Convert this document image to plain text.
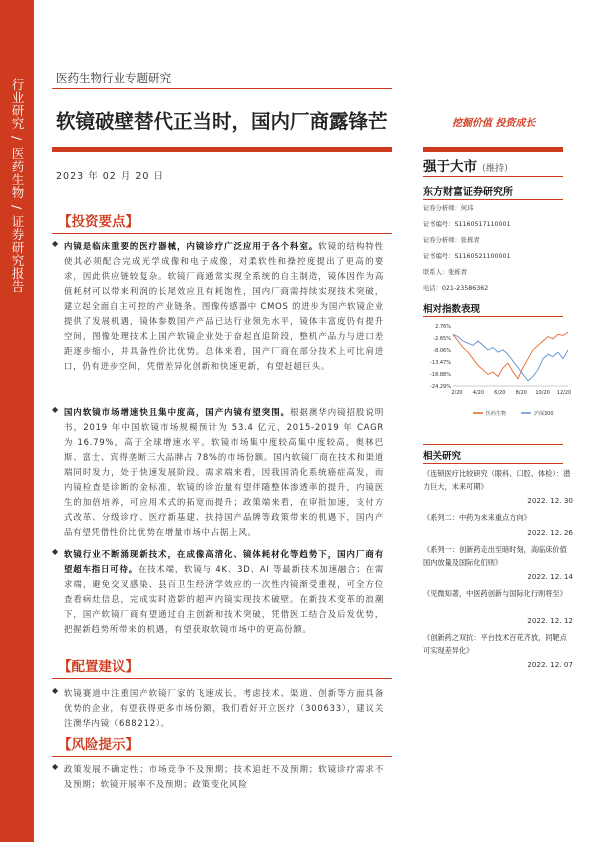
行业研究
/
医药生物
/
证券研究报告
医药生物行业专题研究
软镜破壁替代正当时，国内厂商露锋芒	挖掘价值 投资成长
2023 年 02 月 20 日
【投资要点】
◆ 内镜是临床重要的医疗器械，内镜诊疗广泛应用于各个科室。软镜的结构特性使其必须配合完成光学成像和电子成像，对柔软性和操控度提出了更高的要求，因此供应链较复杂。软镜厂商通常实现全系统的自主制造，镜体因作为高值耗材可以带来利润的长尾效应且有耗饱性，国内厂商需持续实现技术突破，建立起全面自主可控的产业链条。图像传感器中 CMOS 的进步为国产软镜企业提供了发展机遇，镜体参数国产产品已达行业领先水平，镜体丰富度仍有提升空间，图像处理技术上国产软镜企业处于奋起直追阶段，整机产品力与进口差距逐步缩小，并具备性价比优势。总体来看，国产厂商在部分技术上可比肩进口，仍有进步空间，凭借差异化创新和快速更新，有望赶超巨头。
◆ 国内软镜市场增速快且集中度高，国产内镜有望突围。根据澳华内镜招股说明书，2019 年中国软镜市场规模预计为 53.4 亿元，2015-2019 年 CAGR 为 16.79%，高于全球增速水平。软镜市场集中度较高集中度较高，奥林巴斯、富士、宾得垄断三大品牌占 78%的市场份额。国内软镜厂商在技术和渠道端同时发力，处于快速发展阶段。需求端来看，因我国消化系统癌症高发，而内镜检查是诊断的金标准，软镜的诊治量有望伴随整体渗透率的提升，内镜医生的加倍培养，可应用术式的拓宽而提升；政策端来看，在审批加速，支付方式改革、分级诊疗、医疗新基建、扶持国产品牌等政策带来的机遇下，国内产品有望凭借性价比优势在增量市场中占据上风。
◆ 软镜行业不断涌现新技术，在成像高清化、镜体耗材化等趋势下，国内厂商有望超车指日可待。在技术端，软镜与 4K、3D、AI 等最新技术加速融合；在需求端，避免交叉感染、县百卫生经济学效应的一次性内镜渐受重视，可全方位查看病灶信息，完成实时造影的超声内镜实现技术破壁。在新技术变革的浪潮下，国产软镜厂商有望通过自主创新和技术突破，凭借医工结合及后发优势，把握新趋势所带来的机遇，有望获取软镜市场中的更高份额。
【配置建议】
◆ 软镜赛道中注重国产软镜厂家的飞速成长，考虑技术、渠道、创新等方面具备优势的企业，有望获得更多市场份额，我们看好开立医疗（300633），建议关注澳华内镜（688212）。
【风险提示】
◆ 政策发展不确定性；市场竞争不及预期；技术追赶不及预期；软镜诊疗需求不及预期；软镜开展率不及预期；政策变化风险
强于大市（维持）
东方财富证券研究所
证券分析师：何玮
证书编号：S1160517110001
证券分析师：张栋青
证书编号：S1160521100001
联系人：张栋青
电话：021-23586362
相对指数表现
2.76%
-2.65%
-8.06%
-13.47%
-18.88%
-24.29%
2/20 4/20 6/20 8/20 10/20 12/20
医药生物	沪深300
相关研究
《连锁医疗比较研究（眼科、口腔、体检）：潜力巨大，未来可期》
2022. 12. 30
《系列二：中药为未来重点方向》
2022. 12. 26
《系列一：创新药走出至暗时刻，高临床价值国内放量及国际化们则》
2022. 12. 14
《见微知著，中医药创新与国际化行则将至》
2022. 12. 12
《创新药之双抗：平台技术百花齐放，同靶点可实现差异化》
2022. 12. 07
